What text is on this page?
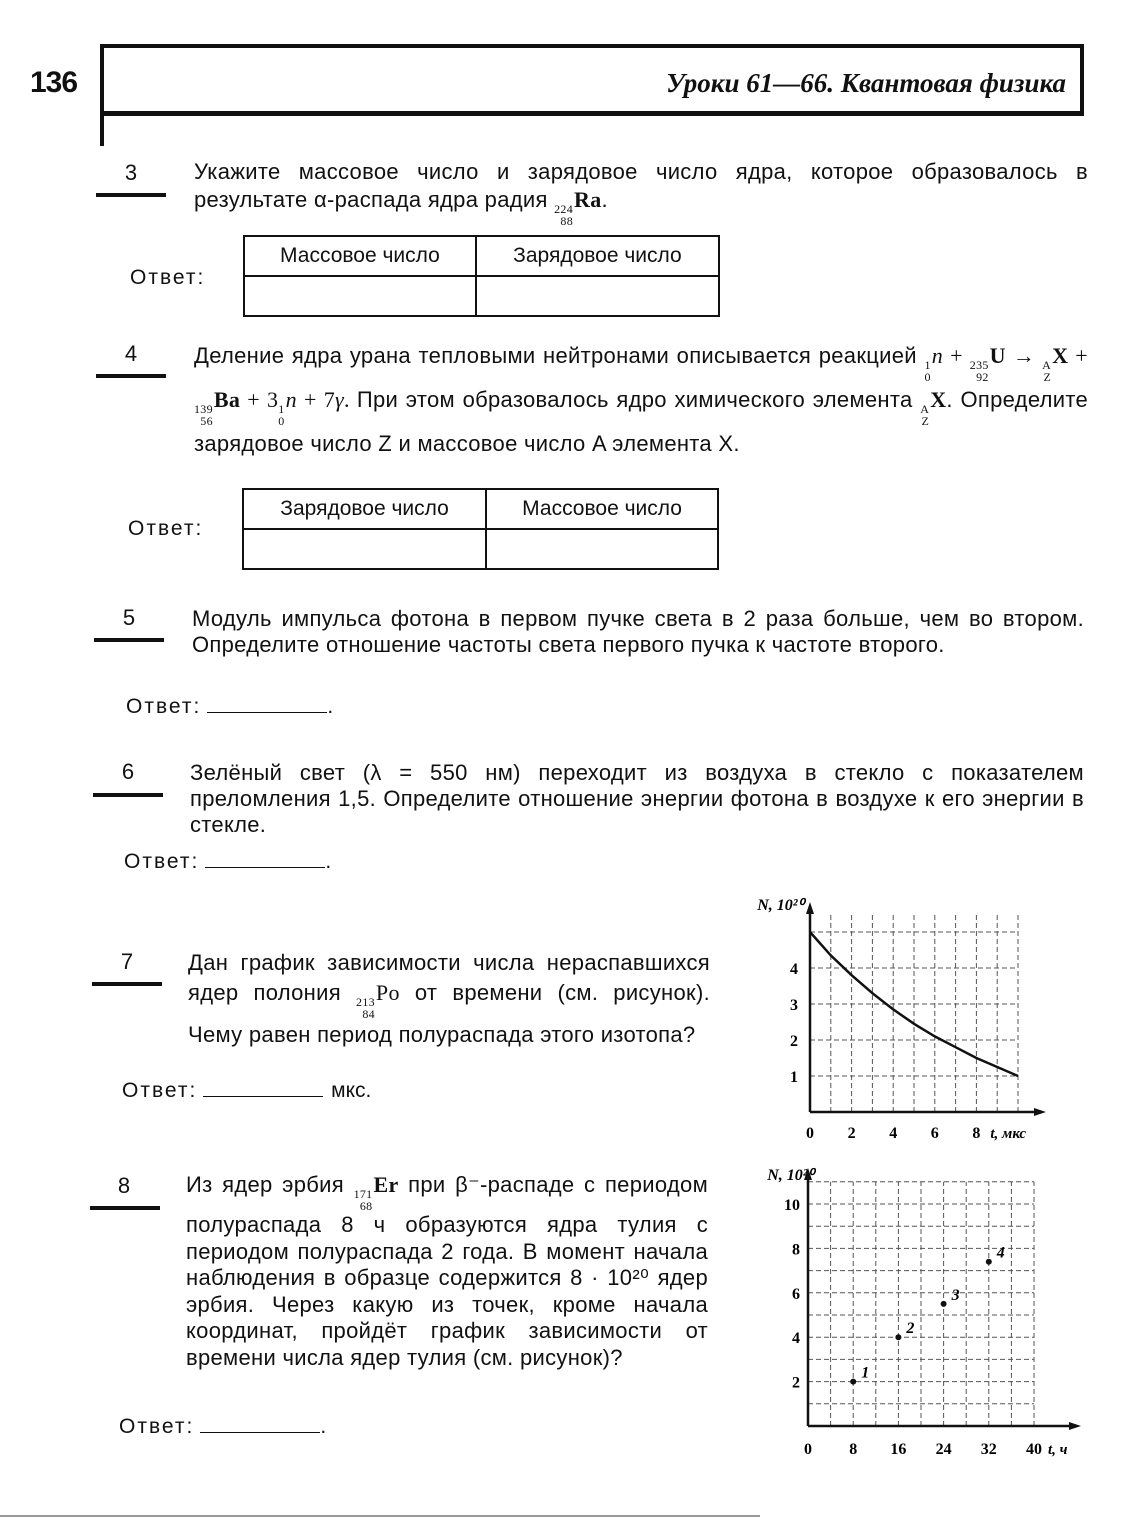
136	Уроки 61—66. Квантовая физика
3	Укажите массовое число и зарядовое число ядра, которое образовалось в результате α-распада ядра радия 224
88
Ra.
Ответ:
Массовое число	Зарядовое число

4	Деление ядра урана тепловыми нейтронами описывается реакцией 1
0
n + 235
92
U → A
Z
X +
139
56
Ba + 3 1
0
n + 7γ. При этом образовалось ядро химического элемента A
Z
X. Определите зарядовое число Z и массовое число A элемента X.
Ответ:
Зарядовое число	Массовое число

5	Модуль импульса фотона в первом пучке света в 2 раза больше, чем во втором. Определите отношение частоты света первого пучка к частоте второго.
Ответ:	.
6	Зелёный свет (λ = 550 нм) переходит из воздуха в стекло с показателем преломления 1,5. Определите отношение энергии фотона в воздухе к его энергии в стекле.
Ответ:	.
7	Дан график зависимости числа нераспавшихся ядер полония 213
84
Po от времени (см. рисунок). Чему равен период полураспада этого изотопа?
Ответ:	мкс.
8	Из ядер эрбия 171
68
Er при β⁻-распаде с периодом полураспада 8 ч образуются ядра тулия с периодом полураспада 2 года. В момент начала наблюдения в образце содержится 8 · 10²⁰ ядер эрбия. Через какую из точек, кроме начала координат, пройдёт график зависимости от времени числа ядер тулия (см. рисунок)?
Ответ:	.
1
2
3
4
0 2 4 6 8
N, 10²⁰
t, мкс
1
2
3
4
2
4
6
8
10
0 8 16 24 32 40
N, 10²⁰
t, ч
